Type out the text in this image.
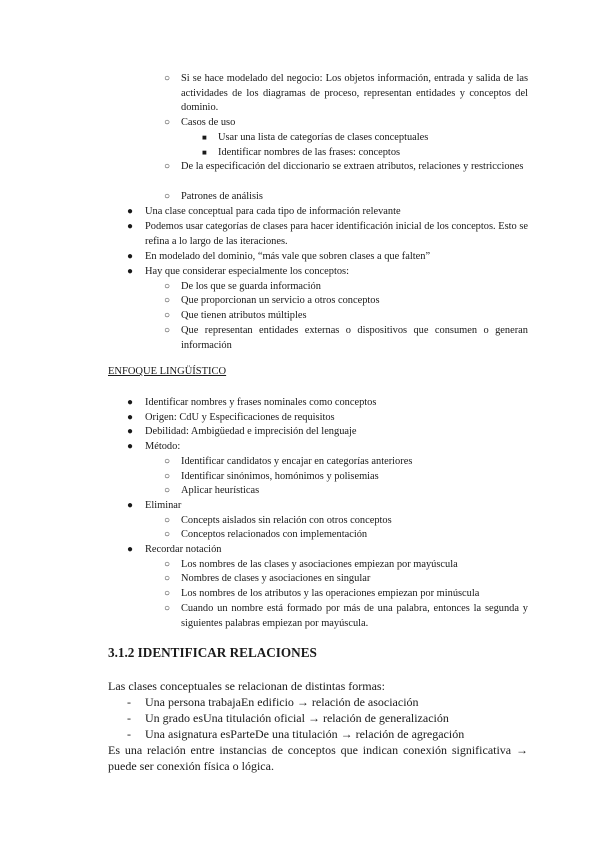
○ Si se hace modelado del negocio: Los objetos información, entrada y salida de las actividades de los diagramas de proceso, representan entidades y conceptos del dominio.
○ Casos de uso
■ Usar una lista de categorías de clases conceptuales
■ Identificar nombres de las frases: conceptos
○ De la especificación del diccionario se extraen atributos, relaciones y restricciones
○ Patrones de análisis
● Una clase conceptual para cada tipo de información relevante
● Podemos usar categorías de clases para hacer identificación inicial de los conceptos. Esto se refina a lo largo de las iteraciones.
● En modelado del dominio, “más vale que sobren clases a que falten”
● Hay que considerar especialmente los conceptos:
○ De los que se guarda información
○ Que proporcionan un servicio a otros conceptos
○ Que tienen atributos múltiples
○ Que representan entidades externas o dispositivos que consumen o generan información
ENFOQUE LINGÜÍSTICO
● Identificar nombres y frases nominales como conceptos
● Origen: CdU y Especificaciones de requisitos
● Debilidad: Ambigüedad e imprecisión del lenguaje
● Método:
○ Identificar candidatos y encajar en categorías anteriores
○ Identificar sinónimos, homónimos y polisemias
○ Aplicar heurísticas
● Eliminar
○ Concepts aislados sin relación con otros conceptos
○ Conceptos relacionados con implementación
● Recordar notación
○ Los nombres de las clases y asociaciones empiezan por mayúscula
○ Nombres de clases y asociaciones en singular
○ Los nombres de los atributos y las operaciones empiezan por minúscula
○ Cuando un nombre está formado por más de una palabra, entonces la segunda y siguientes palabras empiezan por mayúscula.
3.1.2 IDENTIFICAR RELACIONES
Las clases conceptuales se relacionan de distintas formas:
- Una persona trabajaEn edificio → relación de asociación
- Un grado esUna titulación oficial → relación de generalización
- Una asignatura esParteDe una titulación → relación de agregación
Es una relación entre instancias de conceptos que indican conexión significativa → puede ser conexión física o lógica.
